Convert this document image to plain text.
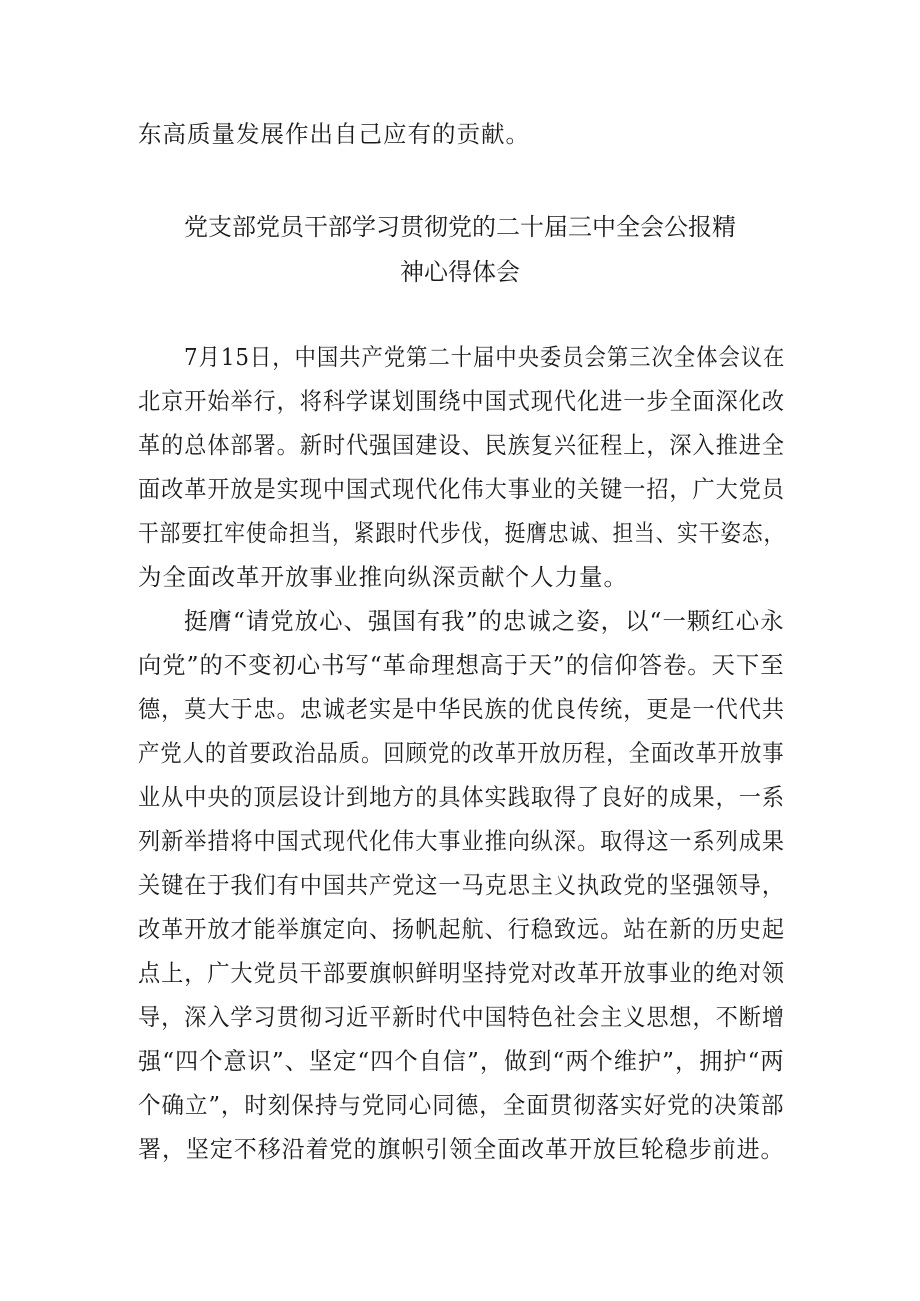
东高质量发展作出自己应有的贡献。
党支部党员干部学习贯彻党的二十届三中全会公报精
神心得体会
7月15日，中国共产党第二十届中央委员会第三次全体会议在
北京开始举行，将科学谋划围绕中国式现代化进一步全面深化改
革的总体部署。新时代强国建设、民族复兴征程上，深入推进全
面改革开放是实现中国式现代化伟大事业的关键一招，广大党员
干部要扛牢使命担当，紧跟时代步伐，挺膺忠诚、担当、实干姿态，
为全面改革开放事业推向纵深贡献个人力量。
挺膺“请党放心、强国有我”的忠诚之姿，以“一颗红心永
向党”的不变初心书写“革命理想高于天”的信仰答卷。天下至
德，莫大于忠。忠诚老实是中华民族的优良传统，更是一代代共
产党人的首要政治品质。回顾党的改革开放历程，全面改革开放事
业从中央的顶层设计到地方的具体实践取得了良好的成果，一系
列新举措将中国式现代化伟大事业推向纵深。取得这一系列成果
关键在于我们有中国共产党这一马克思主义执政党的坚强领导，
改革开放才能举旗定向、扬帆起航、行稳致远。站在新的历史起
点上，广大党员干部要旗帜鲜明坚持党对改革开放事业的绝对领
导，深入学习贯彻习近平新时代中国特色社会主义思想，不断增
强“四个意识”、坚定“四个自信”，做到“两个维护”，拥护“两
个确立”，时刻保持与党同心同德，全面贯彻落实好党的决策部
署，坚定不移沿着党的旗帜引领全面改革开放巨轮稳步前进。
